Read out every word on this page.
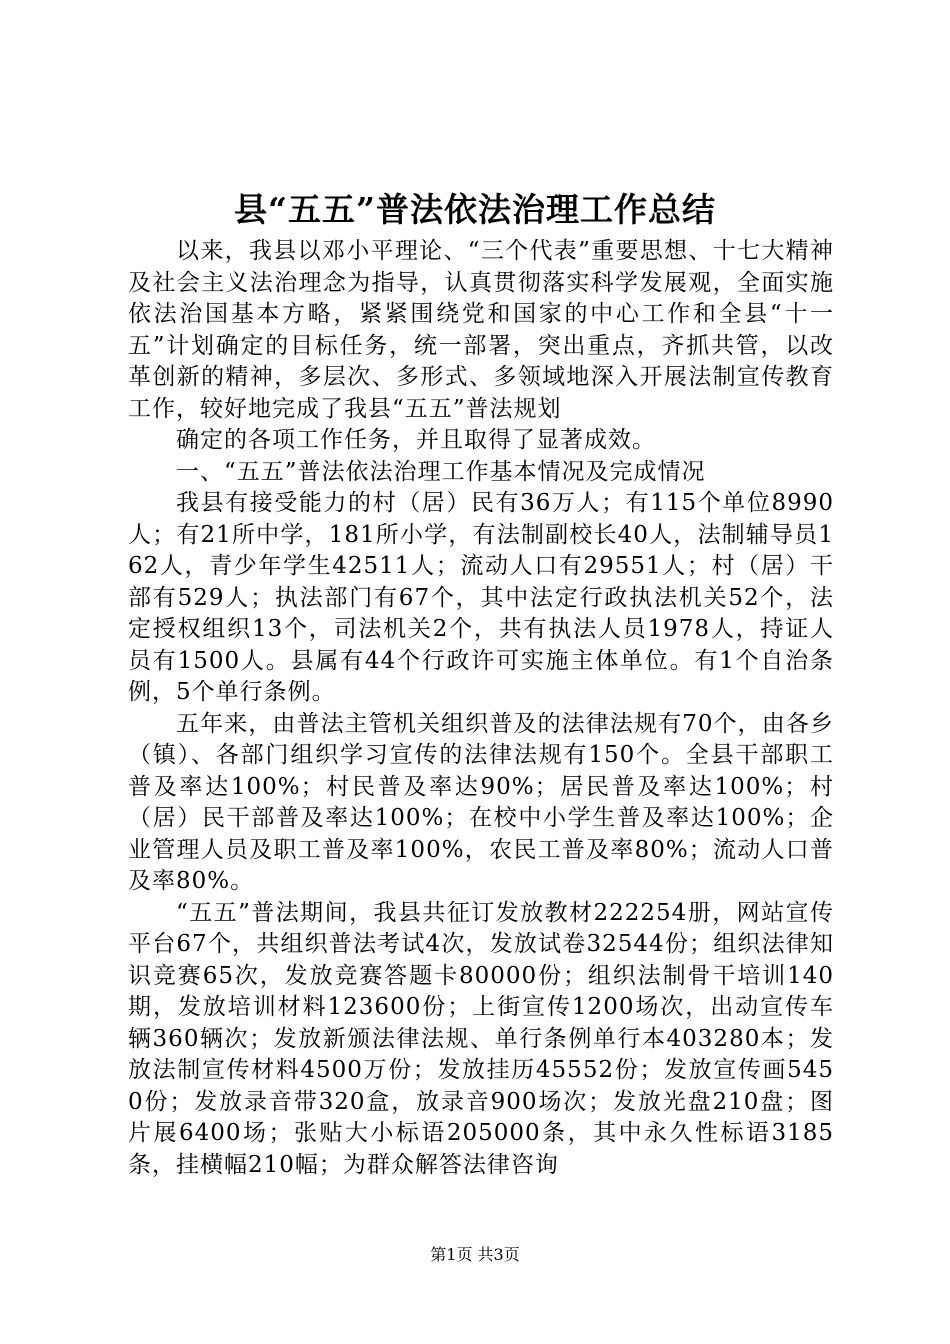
县“五五”普法依法治理工作总结

以来，我县以邓小平理论、“三个代表”重要思想、十七大精神及社会主义法治理念为指导，认真贯彻落实科学发展观，全面实施依法治国基本方略，紧紧围绕党和国家的中心工作和全县“十一五”计划确定的目标任务，统一部署，突出重点，齐抓共管，以改革创新的精神，多层次、多形式、多领域地深入开展法制宣传教育工作，较好地完成了我县“五五”普法规划

确定的各项工作任务，并且取得了显著成效。

一、“五五”普法依法治理工作基本情况及完成情况

我县有接受能力的村（居）民有36万人；有115个单位8990人；有21所中学，181所小学，有法制副校长40人，法制辅导员162人，青少年学生42511人；流动人口有29551人；村（居）干部有529人；执法部门有67个，其中法定行政执法机关52个，法定授权组织13个，司法机关2个，共有执法人员1978人，持证人员有1500人。县属有44个行政许可实施主体单位。有1个自治条例，5个单行条例。

五年来，由普法主管机关组织普及的法律法规有70个，由各乡（镇）、各部门组织学习宣传的法律法规有150个。全县干部职工普及率达100%；村民普及率达90%；居民普及率达100%；村（居）民干部普及率达100%；在校中小学生普及率达100%；企业管理人员及职工普及率100%，农民工普及率80%；流动人口普及率80%。

“五五”普法期间，我县共征订发放教材222254册，网站宣传平台67个，共组织普法考试4次，发放试卷32544份；组织法律知识竞赛65次，发放竞赛答题卡80000份；组织法制骨干培训140期，发放培训材料123600份；上街宣传1200场次，出动宣传车辆360辆次；发放新颁法律法规、单行条例单行本403280本；发放法制宣传材料4500万份；发放挂历45552份；发放宣传画5450份；发放录音带320盒，放录音900场次；发放光盘210盘；图片展6400场；张贴大小标语205000条，其中永久性标语3185条，挂横幅210幅；为群众解答法律咨询

第1页 共3页
